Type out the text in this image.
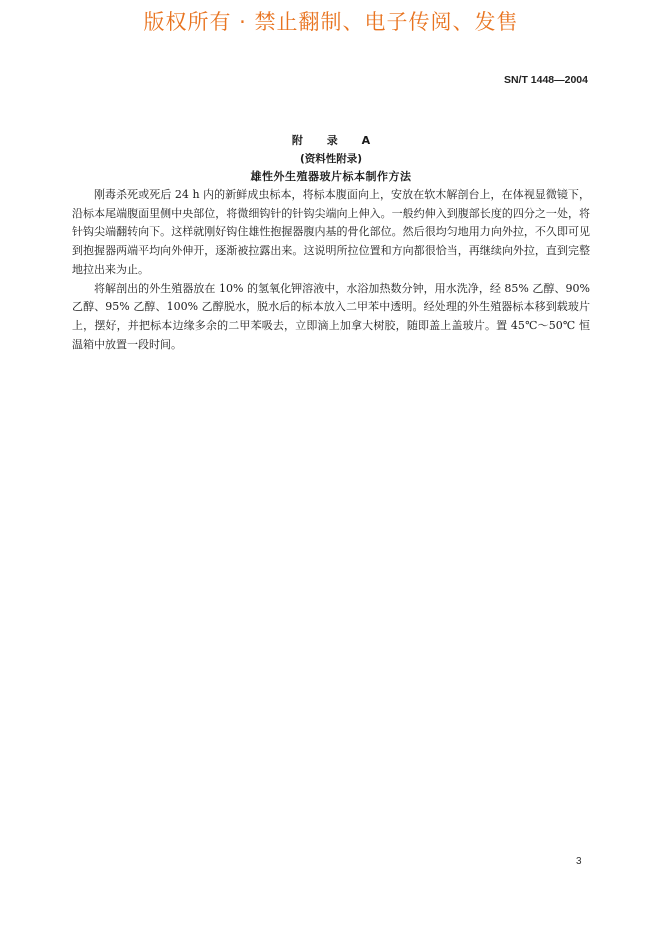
版权所有 · 禁止翻制、电子传阅、发售
SN/T 1448—2004
附 录 A
(资料性附录)
雄性外生殖器玻片标本制作方法

刚毒杀死或死后 24 h 内的新鲜成虫标本，将标本腹面向上，安放在软木解剖台上，在体视显微镜下，沿标本尾端腹面里侧中央部位，将微细钩针的针钩尖端向上伸入。一般约伸入到腹部长度的四分之一处，将针钩尖端翻转向下。这样就刚好钩住雄性抱握器腹内基的骨化部位。然后很均匀地用力向外拉，不久即可见到抱握器两端平均向外伸开，逐渐被拉露出来。这说明所拉位置和方向都很恰当，再继续向外拉，直到完整地拉出来为止。

将解剖出的外生殖器放在 10% 的氢氧化钾溶液中，水浴加热数分钟，用水洗净，经 85% 乙醇、90% 乙醇、95% 乙醇、100% 乙醇脱水，脱水后的标本放入二甲苯中透明。经处理的外生殖器标本移到载玻片上，摆好，并把标本边缘多余的二甲苯吸去，立即滴上加拿大树胶，随即盖上盖玻片。置 45℃～50℃ 恒温箱中放置一段时间。

3
